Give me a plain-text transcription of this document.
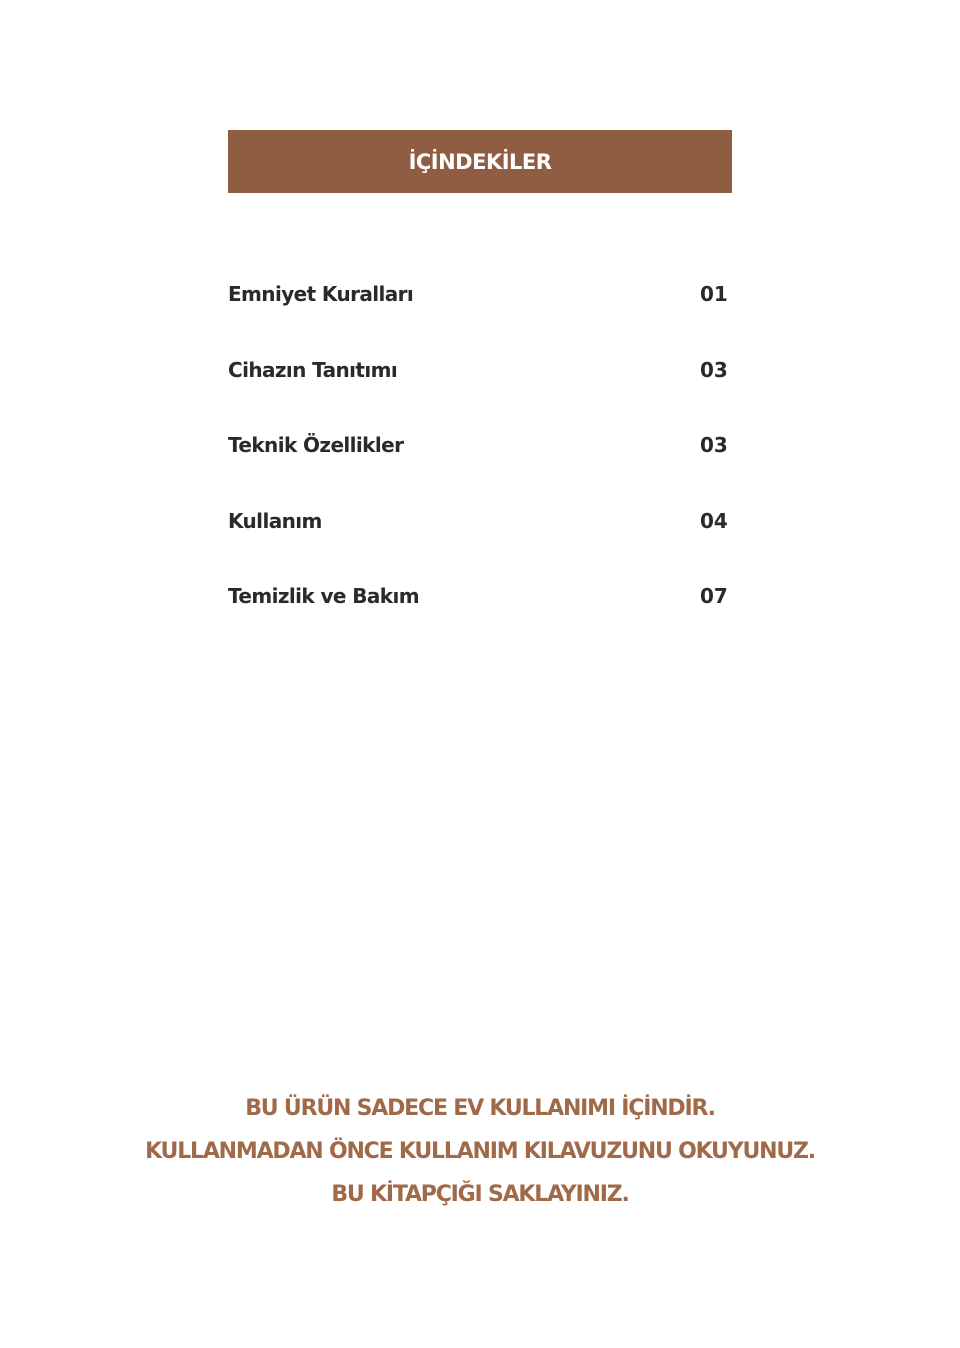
İÇİNDEKİLER
Emniyet Kuralları	01
Cihazın Tanıtımı	03
Teknik Özellikler	03
Kullanım	04
Temizlik ve Bakım	07
BU ÜRÜN SADECE EV KULLANIMI İÇİNDİR.
KULLANMADAN ÖNCE KULLANIM KILAVUZUNU OKUYUNUZ.
BU KİTAPÇIĞI SAKLAYINIZ.
